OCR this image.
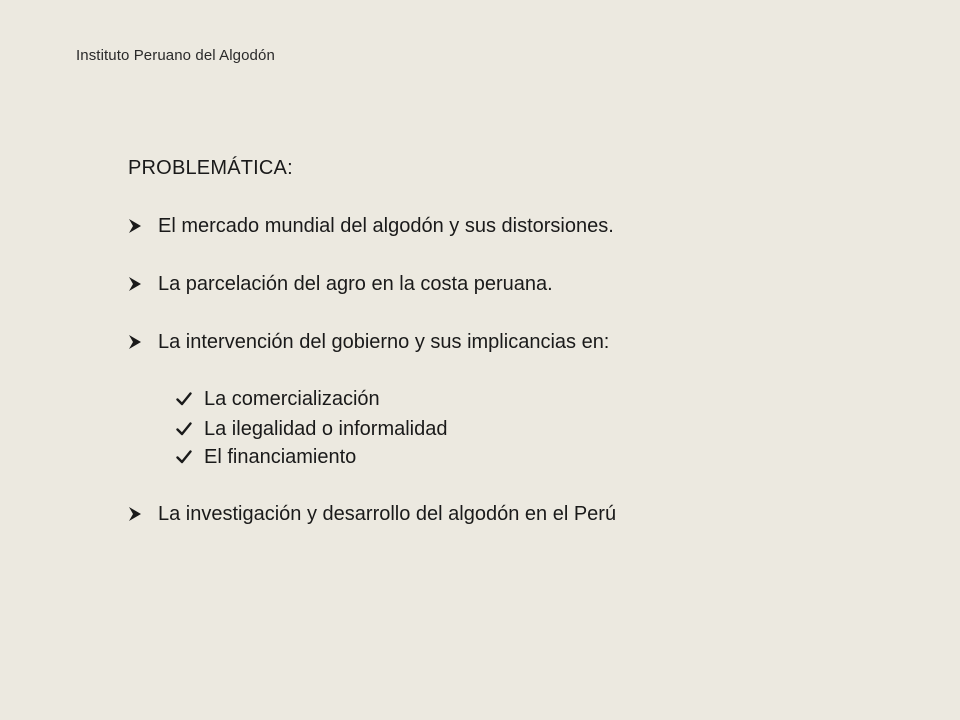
Instituto Peruano del Algodón
PROBLEMÁTICA:
El mercado mundial del algodón y sus distorsiones.
La parcelación del agro en la costa peruana.
La intervención del gobierno y sus implicancias en:
La comercialización
La ilegalidad o informalidad
El financiamiento
La investigación y desarrollo del algodón en el Perú
